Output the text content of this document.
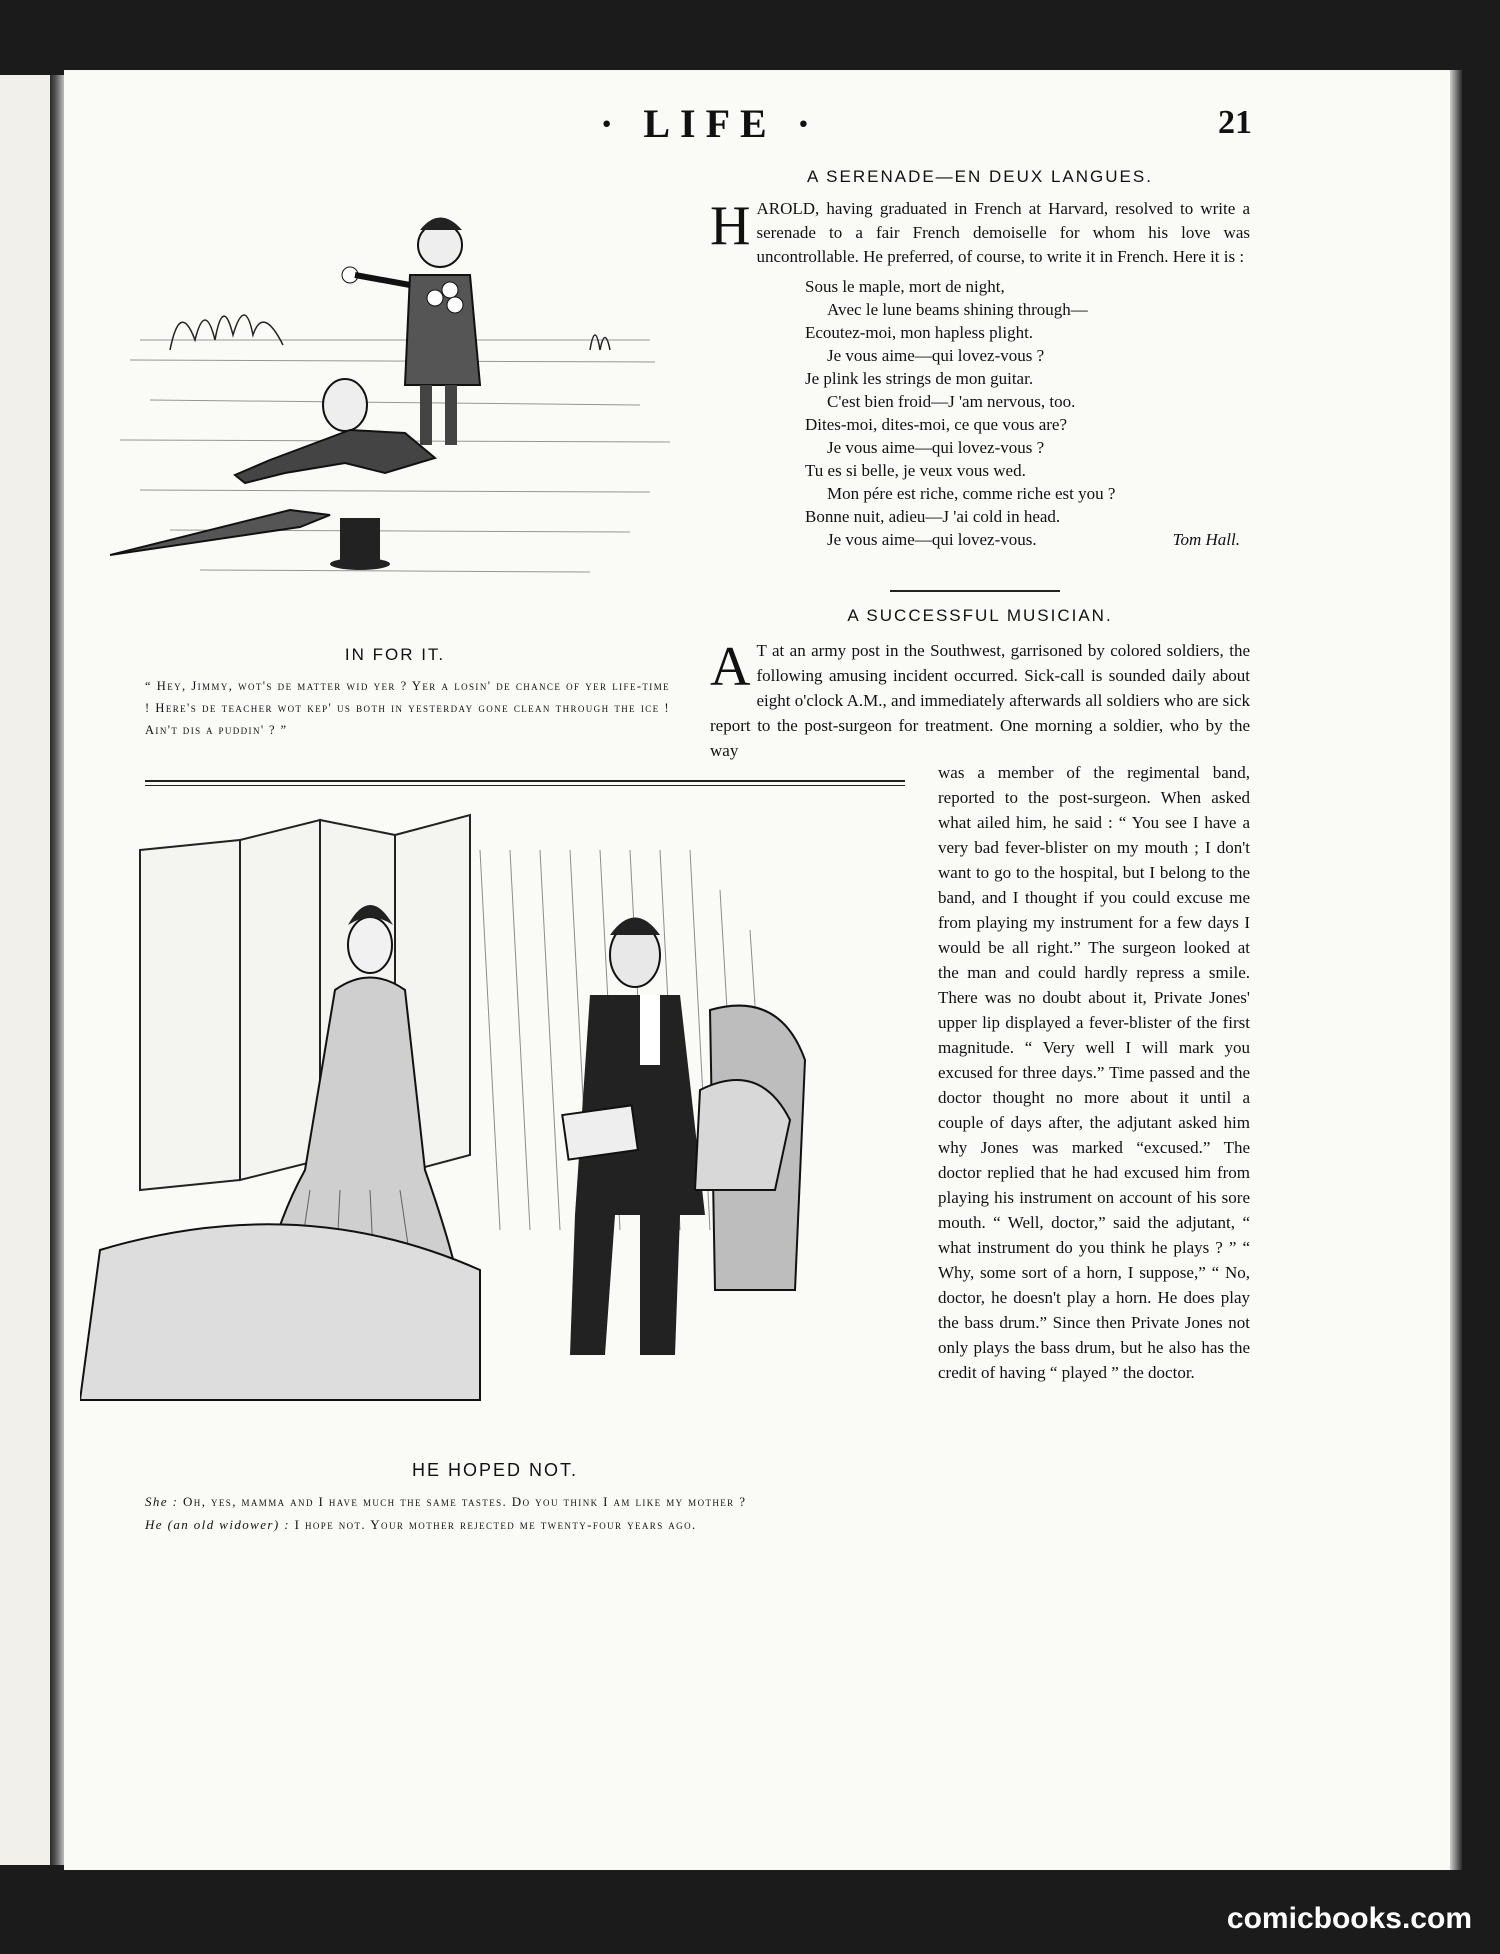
· LIFE ·	21
A SERENADE—EN DEUX LANGUES.
HAROLD, having graduated in French at Harvard, resolved to write a serenade to a fair French demoiselle for whom his love was uncontrollable. He preferred, of course, to write it in French. Here it is :
Sous le maple, mort de night,
Avec le lune beams shining through—
Ecoutez-moi, mon hapless plight.
Je vous aime—qui lovez-vous ?
Je plink les strings de mon guitar.
C'est bien froid—J 'am nervous, too.
Dites-moi, dites-moi, ce que vous are?
Je vous aime—qui lovez-vous ?
Tu es si belle, je veux vous wed.
Mon pére est riche, comme riche est you ?
Bonne nuit, adieu—J 'ai cold in head.
Je vous aime—qui lovez-vous.	Tom Hall.
A SUCCESSFUL MUSICIAN.
A T at an army post in the Southwest, garrisoned by colored soldiers, the following amusing incident occurred. Sick-call is sounded daily about eight o'clock A.M., and immediately afterwards all soldiers who are sick report to the post-surgeon for treatment. One morning a soldier, who by the way
was a member of the regimental band, reported to the post-surgeon. When asked what ailed him, he said : “ You see I have a very bad fever-blister on my mouth ; I don't want to go to the hospital, but I belong to the band, and I thought if you could excuse me from playing my instrument for a few days I would be all right.” The surgeon looked at the man and could hardly repress a smile. There was no doubt about it, Private Jones' upper lip displayed a fever-blister of the first magnitude. “ Very well I will mark you excused for three days.” Time passed and the doctor thought no more about it until a couple of days after, the adjutant asked him why Jones was marked “excused.” The doctor replied that he had excused him from playing his instrument on account of his sore mouth. “ Well, doctor,” said the adjutant, “ what instrument do you think he plays ? ” “ Why, some sort of a horn, I suppose,” “ No, doctor, he doesn't play a horn. He does play the bass drum.” Since then Private Jones not only plays the bass drum, but he also has the credit of having “ played ” the doctor.
IN FOR IT.
“ Hey, Jimmy, wot's de matter wid yer ? Yer a losin' de chance of yer life-time ! Here's de teacher wot kep' us both in yesterday gone clean through the ice ! Ain't dis a puddin' ? ”
HE HOPED NOT.
She : Oh, yes, mamma and I have much the same tastes. Do you think I am like my mother ?
He (an old widower) : I hope not. Your mother rejected me twenty-four years ago.
comicbooks.com
